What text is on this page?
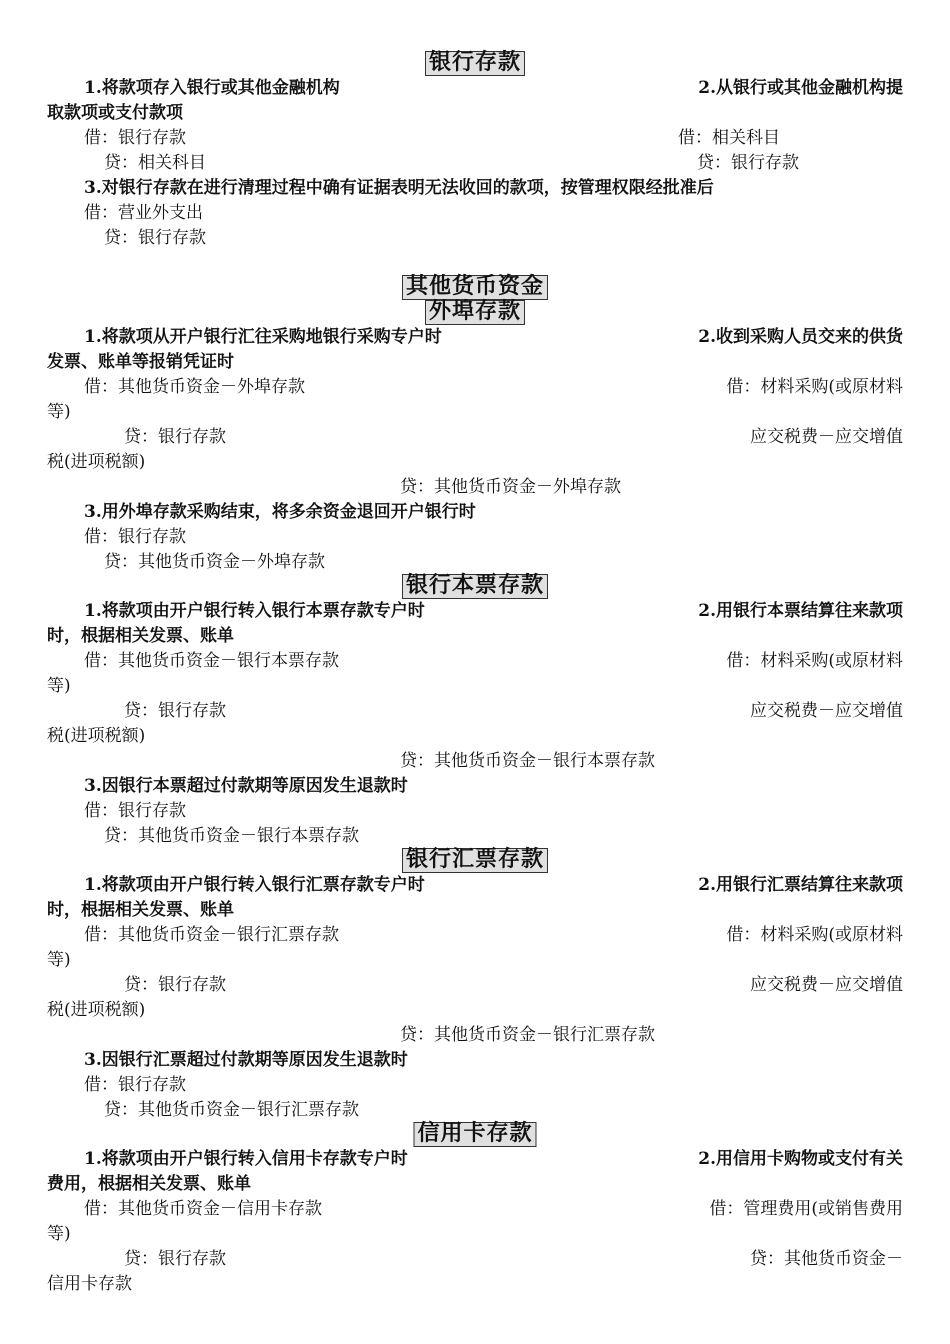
银行存款
1.将款项存入银行或其他金融机构	2.从银行或其他金融机构提
取款项或支付款项
借：银行存款	借：相关科目
贷：相关科目	贷：银行存款
3.对银行存款在进行清理过程中确有证据表明无法收回的款项，按管理权限经批准后
借：营业外支出
贷：银行存款
其他货币资金
外埠存款
1.将款项从开户银行汇往采购地银行采购专户时	2.收到采购人员交来的供货
发票、账单等报销凭证时
借：其他货币资金－外埠存款	借：材料采购(或原材料
等)
贷：银行存款	应交税费－应交增值
税(进项税额)
贷：其他货币资金－外埠存款
3.用外埠存款采购结束，将多余资金退回开户银行时
借：银行存款
贷：其他货币资金－外埠存款
银行本票存款
1.将款项由开户银行转入银行本票存款专户时	2.用银行本票结算往来款项
时，根据相关发票、账单
借：其他货币资金－银行本票存款	借：材料采购(或原材料
等)
贷：银行存款	应交税费－应交增值
税(进项税额)
贷：其他货币资金－银行本票存款
3.因银行本票超过付款期等原因发生退款时
借：银行存款
贷：其他货币资金－银行本票存款
银行汇票存款
1.将款项由开户银行转入银行汇票存款专户时	2.用银行汇票结算往来款项
时，根据相关发票、账单
借：其他货币资金－银行汇票存款	借：材料采购(或原材料
等)
贷：银行存款	应交税费－应交增值
税(进项税额)
贷：其他货币资金－银行汇票存款
3.因银行汇票超过付款期等原因发生退款时
借：银行存款
贷：其他货币资金－银行汇票存款
信用卡存款
1.将款项由开户银行转入信用卡存款专户时	2.用信用卡购物或支付有关
费用，根据相关发票、账单
借：其他货币资金－信用卡存款	借：管理费用(或销售费用
等)
贷：银行存款	贷：其他货币资金－
信用卡存款
